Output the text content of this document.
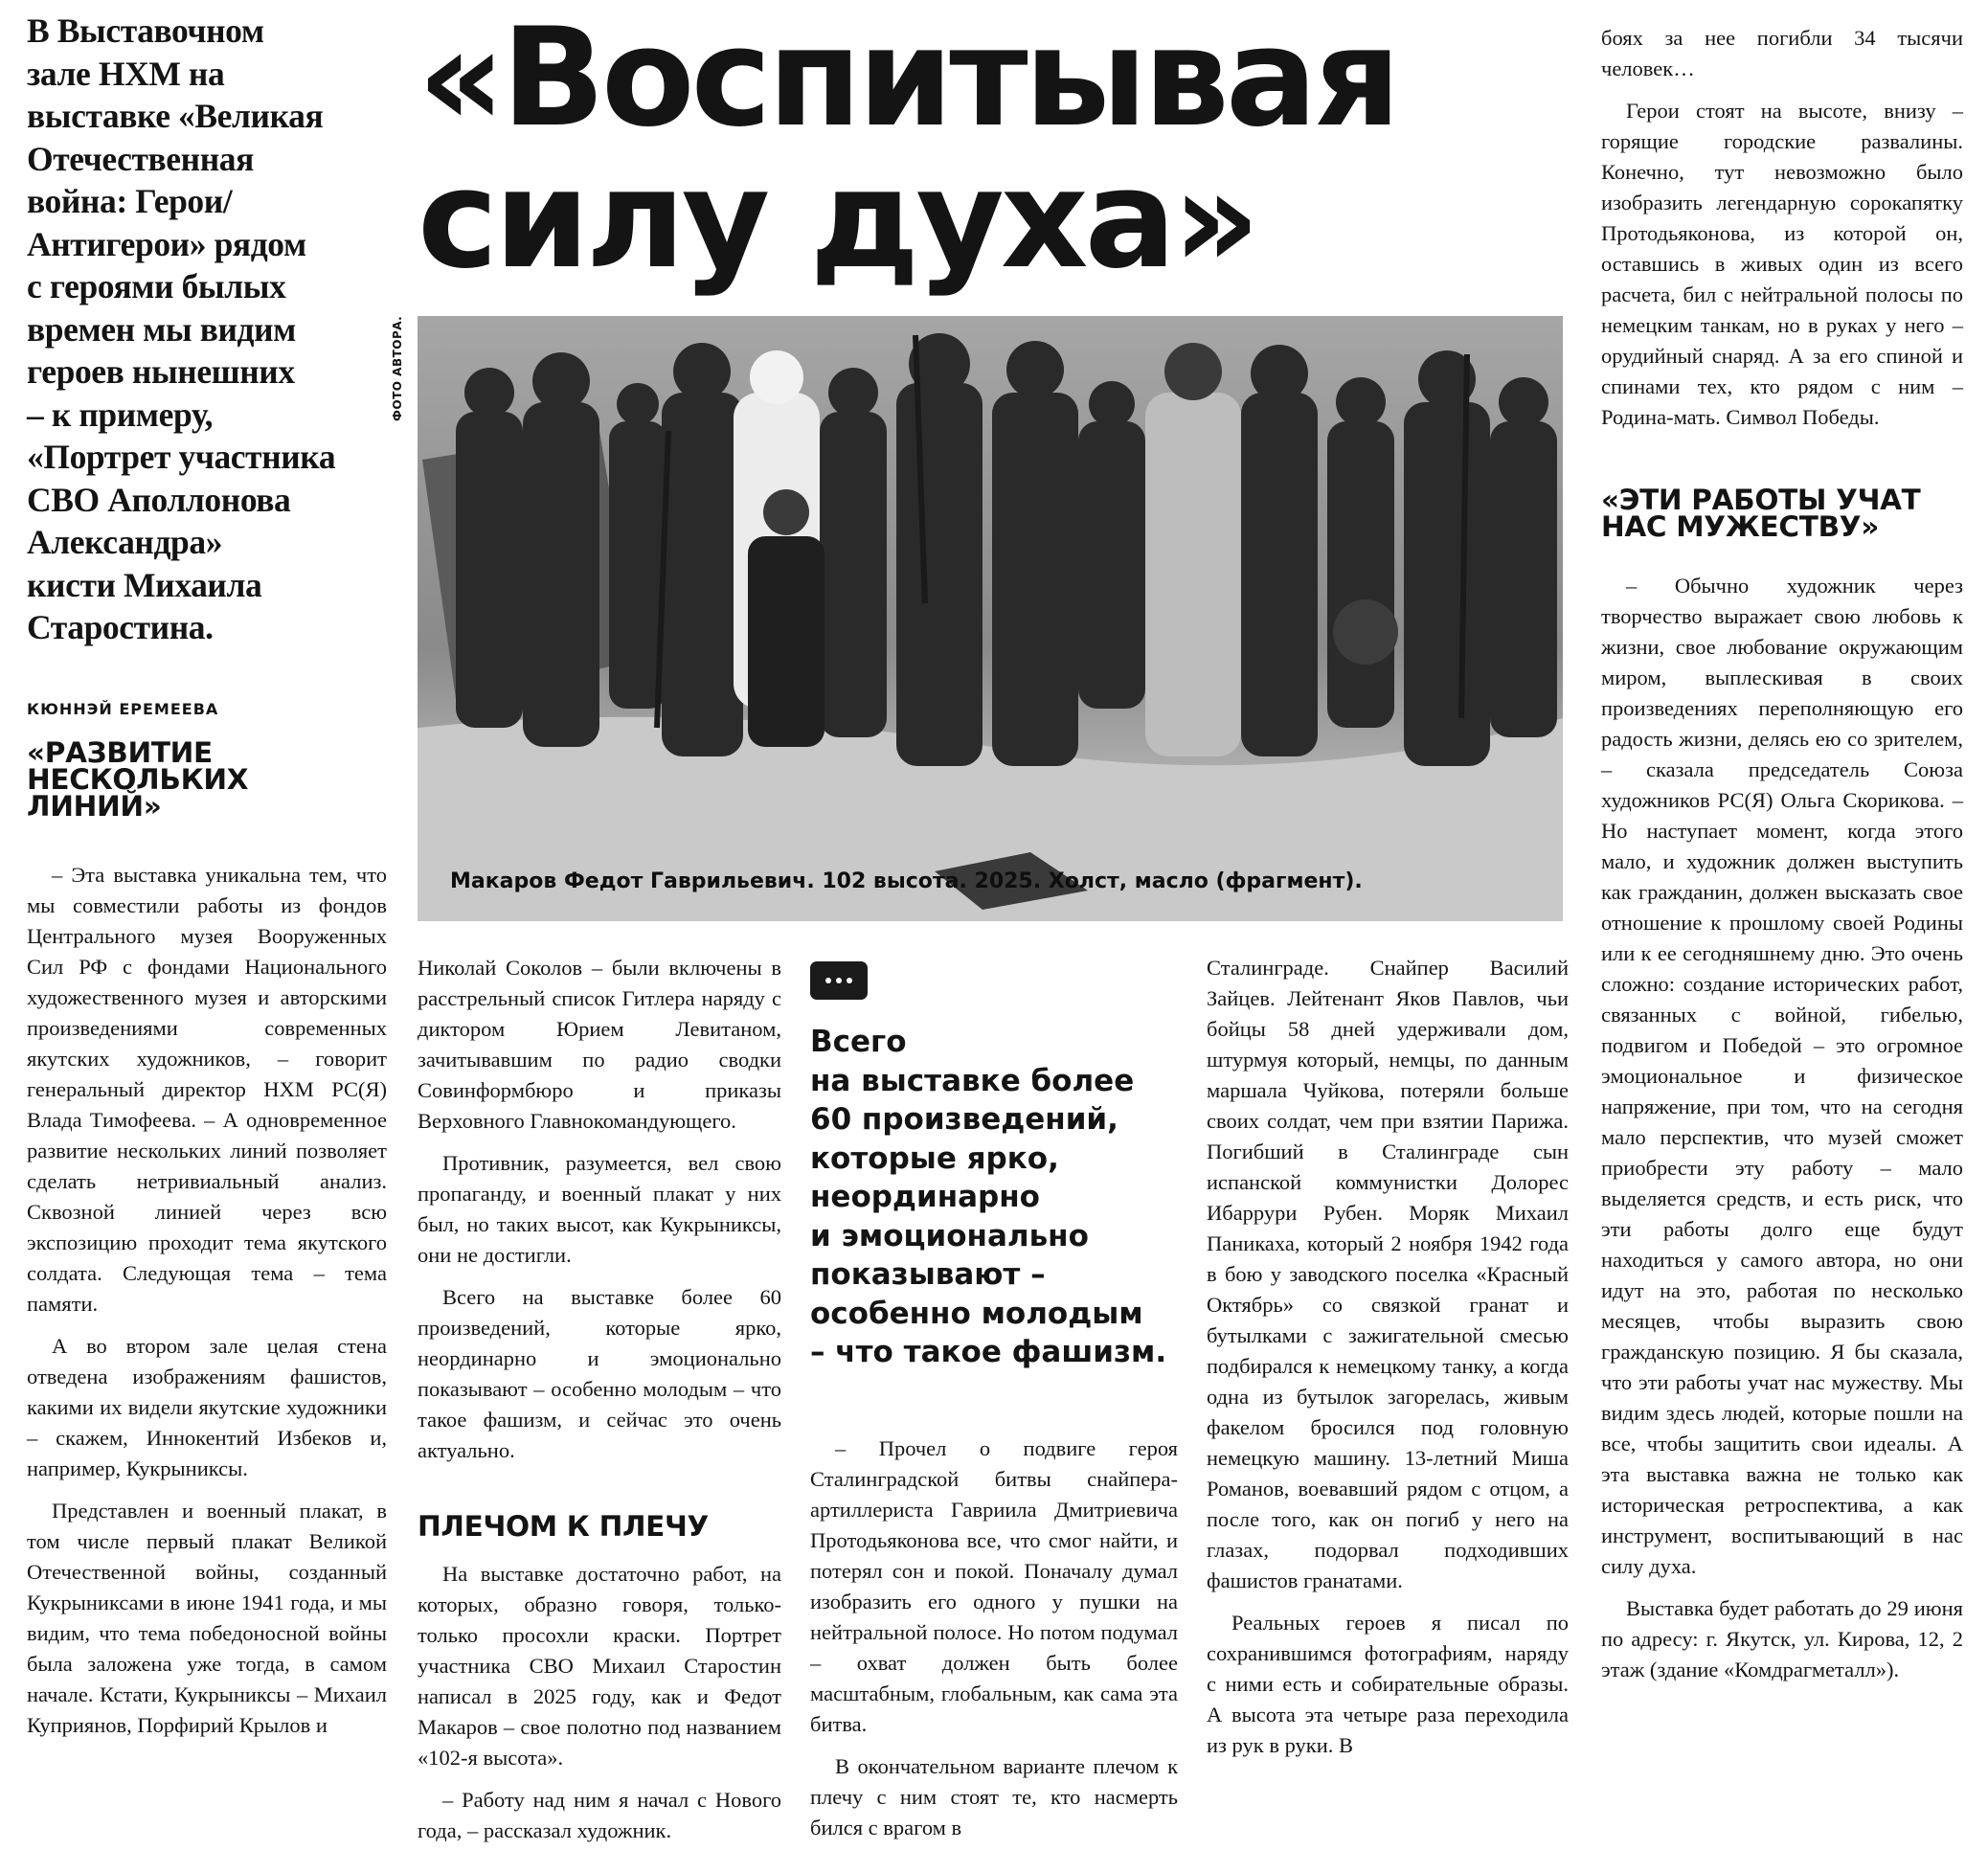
В Выставочном
зале НХМ на
выставке «Великая
Отечественная
война: Герои/
Антигерои» рядом
с героями былых
времен мы видим
героев нынешних
– к примеру,
«Портрет участника
СВО Аполлонова
Александра»
кисти Михаила
Старостина.
«Воспитывая
силу духа»
ФОТО АВТОРА.
Макаров Федот Гаврильевич. 102 высота. 2025. Холст, масло (фрагмент).
КЮННЭЙ ЕРЕМЕЕВА
«РАЗВИТИЕ
НЕСКОЛЬКИХ
ЛИНИЙ»

– Эта выставка уникальна тем, что мы совместили работы из фондов Центрального музея Вооруженных Сил РФ с фондами Национального художественного музея и авторскими произведениями современных якутских художников, – говорит генеральный директор НХМ РС(Я) Влада Тимофеева. – А одновременное развитие нескольких линий позволяет сделать нетривиальный анализ. Сквозной линией через всю экспозицию проходит тема якутского солдата. Следующая тема – тема памяти.

А во втором зале целая стена отведена изображениям фашистов, какими их видели якутские художники – скажем, Иннокентий Избеков и, например, Кукрыниксы.

Представлен и военный плакат, в том числе первый плакат Великой Отечественной войны, созданный Кукрыниксами в июне 1941 года, и мы видим, что тема победоносной войны была заложена уже тогда, в самом начале. Кстати, Кукрыниксы – Михаил Куприянов, Порфирий Крылов и

Николай Соколов – были включены в расстрельный список Гитлера наряду с диктором Юрием Левитаном, зачитывавшим по радио сводки Совинформбюро и приказы Верховного Главнокомандующего.

Противник, разумеется, вел свою пропаганду, и военный плакат у них был, но таких высот, как Кукрыниксы, они не достигли.

Всего на выставке более 60 произведений, которые ярко, неординарно и эмоционально показывают – особенно молодым – что такое фашизм, и сейчас это очень актуально.

ПЛЕЧОМ К ПЛЕЧУ

На выставке достаточно работ, на которых, образно говоря, только-только просохли краски. Портрет участника СВО Михаил Старостин написал в 2025 году, как и Федот Макаров – свое полотно под названием «102-я высота».

– Работу над ним я начал с Нового года, – рассказал художник.

Всего
на выставке более
60 произведений,
которые ярко,
неординарно
и эмоционально
показывают –
особенно молодым
– что такое фашизм.

– Прочел о подвиге героя Сталинградской битвы снайпера-артиллериста Гавриила Дмитриевича Протодьяконова все, что смог найти, и потерял сон и покой. Поначалу думал изобразить его одного у пушки на нейтральной полосе. Но потом подумал – охват должен быть более масштабным, глобальным, как сама эта битва.

В окончательном варианте плечом к плечу с ним стоят те, кто насмерть бился с врагом в

Сталинграде. Снайпер Василий Зайцев. Лейтенант Яков Павлов, чьи бойцы 58 дней удерживали дом, штурмуя который, немцы, по данным маршала Чуйкова, потеряли больше своих солдат, чем при взятии Парижа. Погибший в Сталинграде сын испанской коммунистки Долорес Ибаррури Рубен. Моряк Михаил Паникаха, который 2 ноября 1942 года в бою у заводского поселка «Красный Октябрь» со связкой гранат и бутылками с зажигательной смесью подбирался к немецкому танку, а когда одна из бутылок загорелась, живым факелом бросился под головную немецкую машину. 13-летний Миша Романов, воевавший рядом с отцом, а после того, как он погиб у него на глазах, подорвал подходивших фашистов гранатами.

Реальных героев я писал по сохранившимся фотографиям, наряду с ними есть и собирательные образы. А высота эта четыре раза переходила из рук в руки. В

боях за нее погибли 34 тысячи человек…

Герои стоят на высоте, внизу – горящие городские развалины. Конечно, тут невозможно было изобразить легендарную сорокапятку Протодьяконова, из которой он, оставшись в живых один из всего расчета, бил с нейтральной полосы по немецким танкам, но в руках у него – орудийный снаряд. А за его спиной и спинами тех, кто рядом с ним – Родина-мать. Символ Победы.

«ЭТИ РАБОТЫ УЧАТ
НАС МУЖЕСТВУ»

– Обычно художник через творчество выражает свою любовь к жизни, свое любование окружающим миром, выплескивая в своих произведениях переполняющую его радость жизни, делясь ею со зрителем, – сказала председатель Союза художников РС(Я) Ольга Скорикова. – Но наступает момент, когда этого мало, и художник должен выступить как гражданин, должен высказать свое отношение к прошлому своей Родины или к ее сегодняшнему дню. Это очень сложно: создание исторических работ, связанных с войной, гибелью, подвигом и Победой – это огромное эмоциональное и физическое напряжение, при том, что на сегодня мало перспектив, что музей сможет приобрести эту работу – мало выделяется средств, и есть риск, что эти работы долго еще будут находиться у самого автора, но они идут на это, работая по несколько месяцев, чтобы выразить свою гражданскую позицию. Я бы сказала, что эти работы учат нас мужеству. Мы видим здесь людей, которые пошли на все, чтобы защитить свои идеалы. А эта выставка важна не только как историческая ретроспектива, а как инструмент, воспитывающий в нас силу духа.

Выставка будет работать до 29 июня по адресу: г. Якутск, ул. Кирова, 12, 2 этаж (здание «Комдрагметалл»).
